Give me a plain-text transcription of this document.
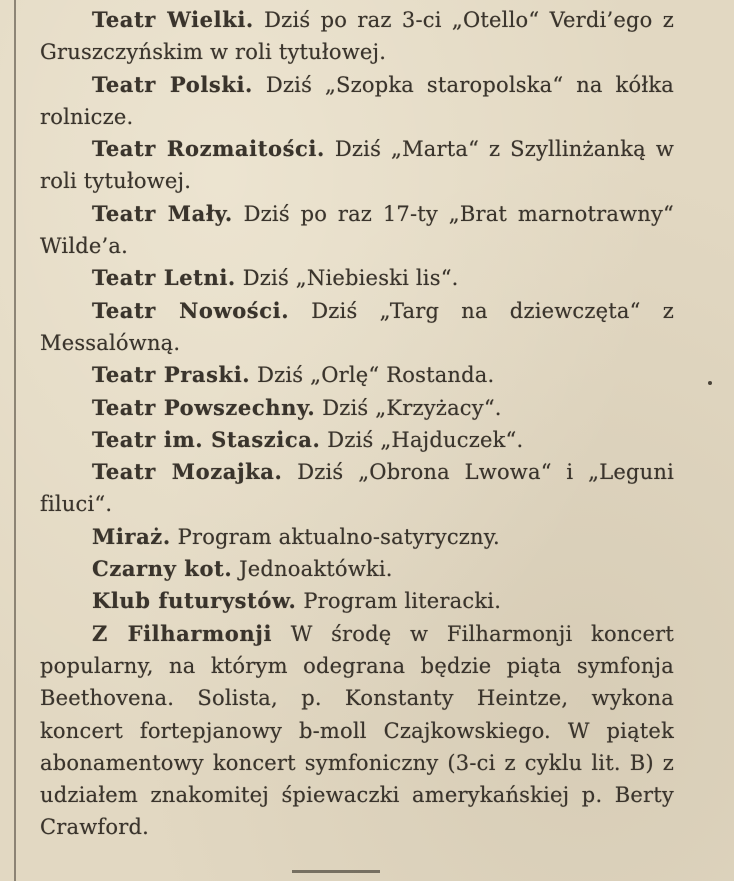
Teatr Wielki. Dziś po raz 3-ci „Otello“ Verdi’ego z Gruszczyńskim w roli tytułowej.

Teatr Polski. Dziś „Szopka staropolska“ na kółka rolnicze.

Teatr Rozmaitości. Dziś „Marta“ z Szyllinżanką w roli tytułowej.

Teatr Mały. Dziś po raz 17-ty „Brat marnotrawny“ Wilde’a.

Teatr Letni. Dziś „Niebieski lis“.

Teatr Nowości. Dziś „Targ na dziewczęta“ z Messalówną.

Teatr Praski. Dziś „Orlę“ Rostanda.

Teatr Powszechny. Dziś „Krzyżacy“.

Teatr im. Staszica. Dziś „Hajduczek“.

Teatr Mozajka. Dziś „Obrona Lwowa“ i „Leguni filuci“.

Miraż. Program aktualno-satyryczny.

Czarny kot. Jednoaktówki.

Klub futurystów. Program literacki.

Z Filharmonji W środę w Filharmonji koncert popularny, na którym odegrana będzie piąta symfonja Beethovena. Solista, p. Konstanty Heintze, wykona koncert fortepjanowy b-moll Czajkowskiego. W piątek abonamentowy koncert symfoniczny (3-ci z cyklu lit. B) z udziałem znakomitej śpiewaczki amerykańskiej p. Berty Crawford.
